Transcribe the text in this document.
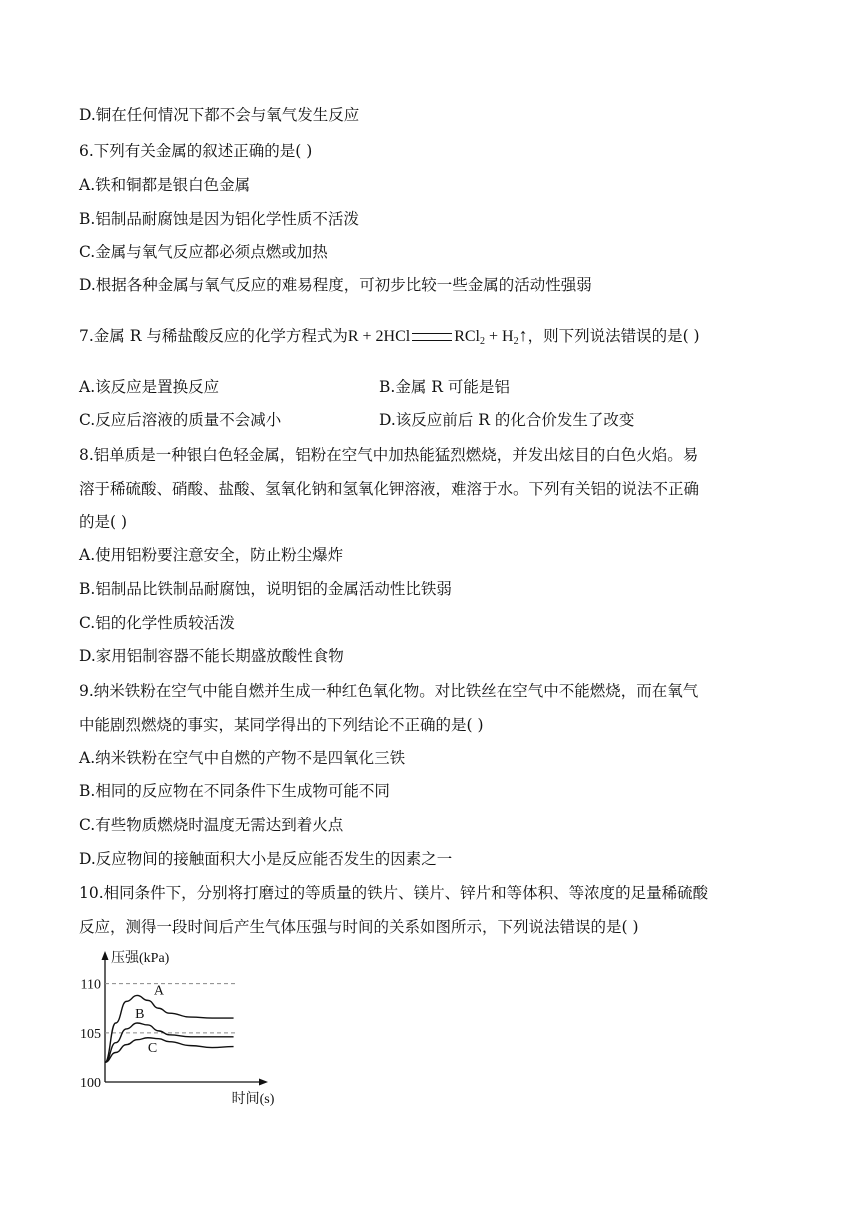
D.铜在任何情况下都不会与氧气发生反应
6.下列有关金属的叙述正确的是( )
A.铁和铜都是银白色金属
B.铝制品耐腐蚀是因为铝化学性质不活泼
C.金属与氧气反应都必须点燃或加热
D.根据各种金属与氧气反应的难易程度，可初步比较一些金属的活动性强弱
7.金属 R 与稀盐酸反应的化学方程式为R + 2HCl	$RCl_2 + H_2↑$，则下列说法错误的是( )
A.该反应是置换反应	B.金属 R 可能是铝
C.反应后溶液的质量不会减小	D.该反应前后 R 的化合价发生了改变
8.铝单质是一种银白色轻金属，铝粉在空气中加热能猛烈燃烧，并发出炫目的白色火焰。易
溶于稀硫酸、硝酸、盐酸、氢氧化钠和氢氧化钾溶液，难溶于水。下列有关铝的说法不正确
的是( )
A.使用铝粉要注意安全，防止粉尘爆炸
B.铝制品比铁制品耐腐蚀，说明铝的金属活动性比铁弱
C.铝的化学性质较活泼
D.家用铝制容器不能长期盛放酸性食物
9.纳米铁粉在空气中能自燃并生成一种红色氧化物。对比铁丝在空气中不能燃烧，而在氧气
中能剧烈燃烧的事实，某同学得出的下列结论不正确的是( )
A.纳米铁粉在空气中自燃的产物不是四氧化三铁
B.相同的反应物在不同条件下生成物可能不同
C.有些物质燃烧时温度无需达到着火点
D.反应物间的接触面积大小是反应能否发生的因素之一
10.相同条件下，分别将打磨过的等质量的铁片、镁片、锌片和等体积、等浓度的足量稀硫酸
反应，测得一段时间后产生气体压强与时间的关系如图所示，下列说法错误的是( )
100
105
110
压强(kPa)
时间(s)
A
B
C
